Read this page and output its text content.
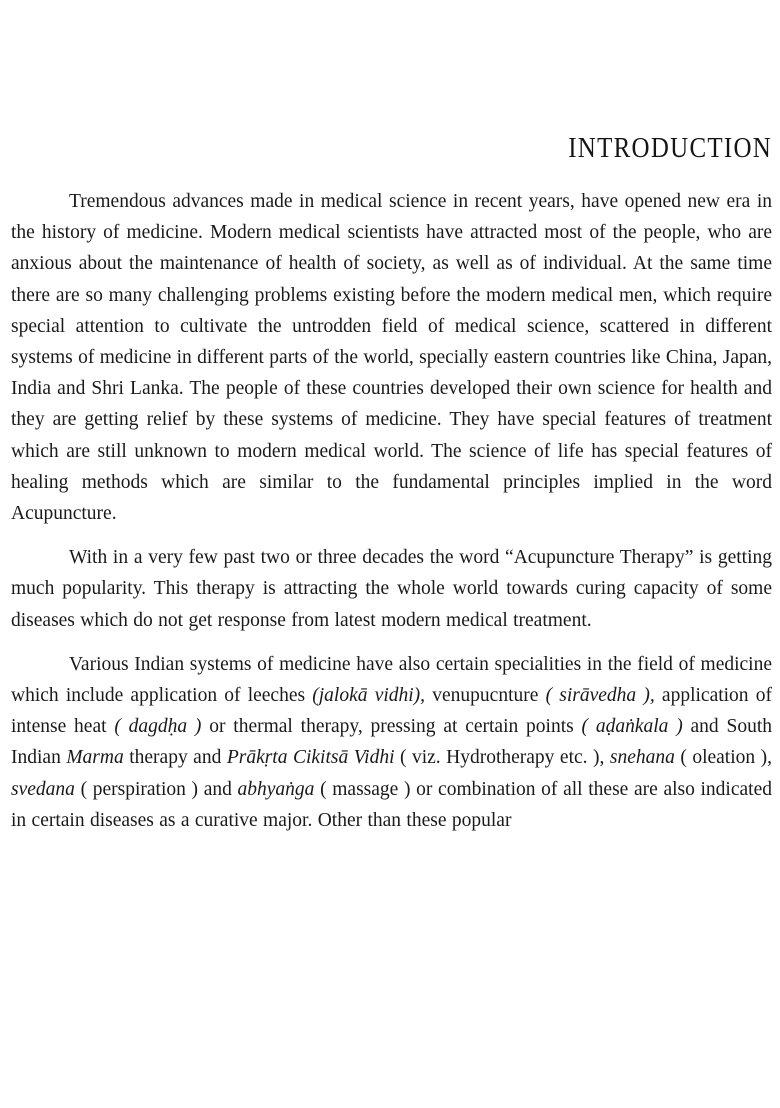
INTRODUCTION

Tremendous advances made in medical science in recent years, have opened new era in the history of medicine. Modern medical scientists have attracted most of the people, who are anxious about the maintenance of health of society, as well as of individual. At the same time there are so many challenging problems existing before the modern medical men, which require special attention to cultivate the untrodden field of medical science, scattered in different systems of medicine in different parts of the world, specially eastern countries like China, Japan, India and Shri Lanka. The people of these countries developed their own science for health and they are getting relief by these systems of medicine. They have special features of treatment which are still unknown to modern medical world. The science of life has special features of healing methods which are similar to the fundamental principles implied in the word Acupuncture.

With in a very few past two or three decades the word “Acupuncture Therapy” is getting much popularity. This therapy is attracting the whole world towards curing capacity of some diseases which do not get response from latest modern medical treatment.

Various Indian systems of medicine have also certain specialities in the field of medicine which include application of leeches (jalokā vidhi), venupucnture ( sirāvedha ), application of intense heat ( dagdḥa ) or thermal therapy, pressing at certain points ( aḍaṅkala ) and South Indian Marma therapy and Prākṛta Cikitsā Vidhi ( viz. Hydrotherapy etc. ), snehana ( oleation ), svedana ( perspiration ) and abhyaṅga ( massage ) or combination of all these are also indicated in certain diseases as a curative major. Other than these popular
